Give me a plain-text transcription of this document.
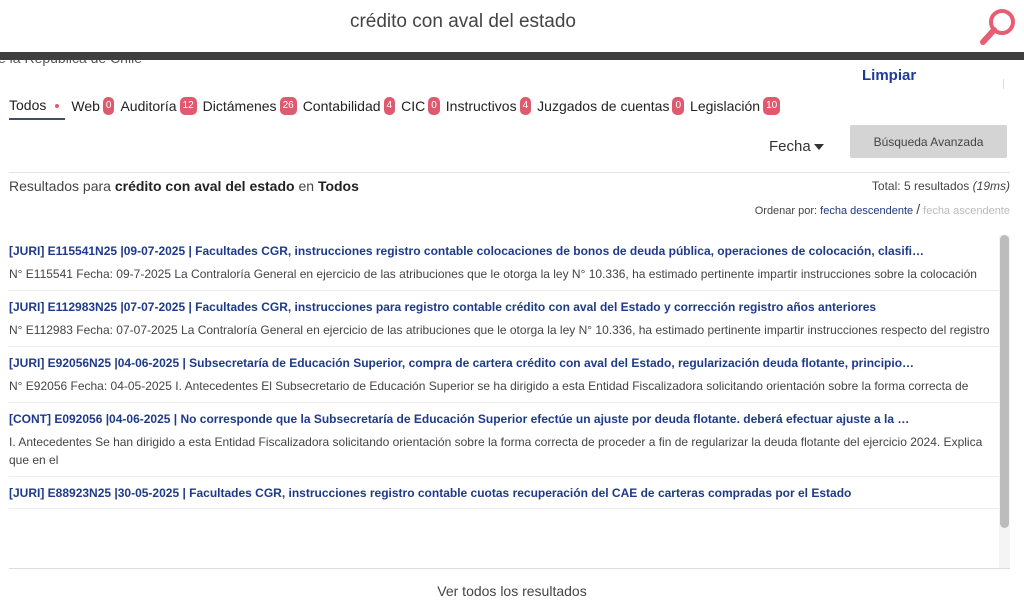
crédito con aval del estado
Limpiar
Todos Web 0 Auditoría 12 Dictámenes 26 Contabilidad 4 CIC 0 Instructivos 4 Juzgados de cuentas 0 Legislación 10
Fecha	Búsqueda Avanzada
Resultados para crédito con aval del estado en Todos	Total: 5 resultados (19ms)
Ordenar por: fecha descendente / fecha ascendente
[JURI] E115541N25 |09-07-2025 | Facultades CGR, instrucciones registro contable colocaciones de bonos de deuda pública, operaciones de colocación, clasifi…
N° E115541 Fecha: 09-7-2025 La Contraloría General en ejercicio de las atribuciones que le otorga la ley N° 10.336, ha estimado pertinente impartir instrucciones sobre la colocación
[JURI] E112983N25 |07-07-2025 | Facultades CGR, instrucciones para registro contable crédito con aval del Estado y corrección registro años anteriores
N° E112983 Fecha: 07-07-2025 La Contraloría General en ejercicio de las atribuciones que le otorga la ley N° 10.336, ha estimado pertinente impartir instrucciones respecto del registro
[JURI] E92056N25 |04-06-2025 | Subsecretaría de Educación Superior, compra de cartera crédito con aval del Estado, regularización deuda flotante, principio…
N° E92056 Fecha: 04-05-2025 I. Antecedentes El Subsecretario de Educación Superior se ha dirigido a esta Entidad Fiscalizadora solicitando orientación sobre la forma correcta de
[CONT] E092056 |04-06-2025 | No corresponde que la Subsecretaría de Educación Superior efectúe un ajuste por deuda flotante. deberá efectuar ajuste a la …
I. Antecedentes Se han dirigido a esta Entidad Fiscalizadora solicitando orientación sobre la forma correcta de proceder a fin de regularizar la deuda flotante del ejercicio 2024. Explica que en el
[JURI] E88923N25 |30-05-2025 | Facultades CGR, instrucciones registro contable cuotas recuperación del CAE de carteras compradas por el Estado
Ver todos los resultados
